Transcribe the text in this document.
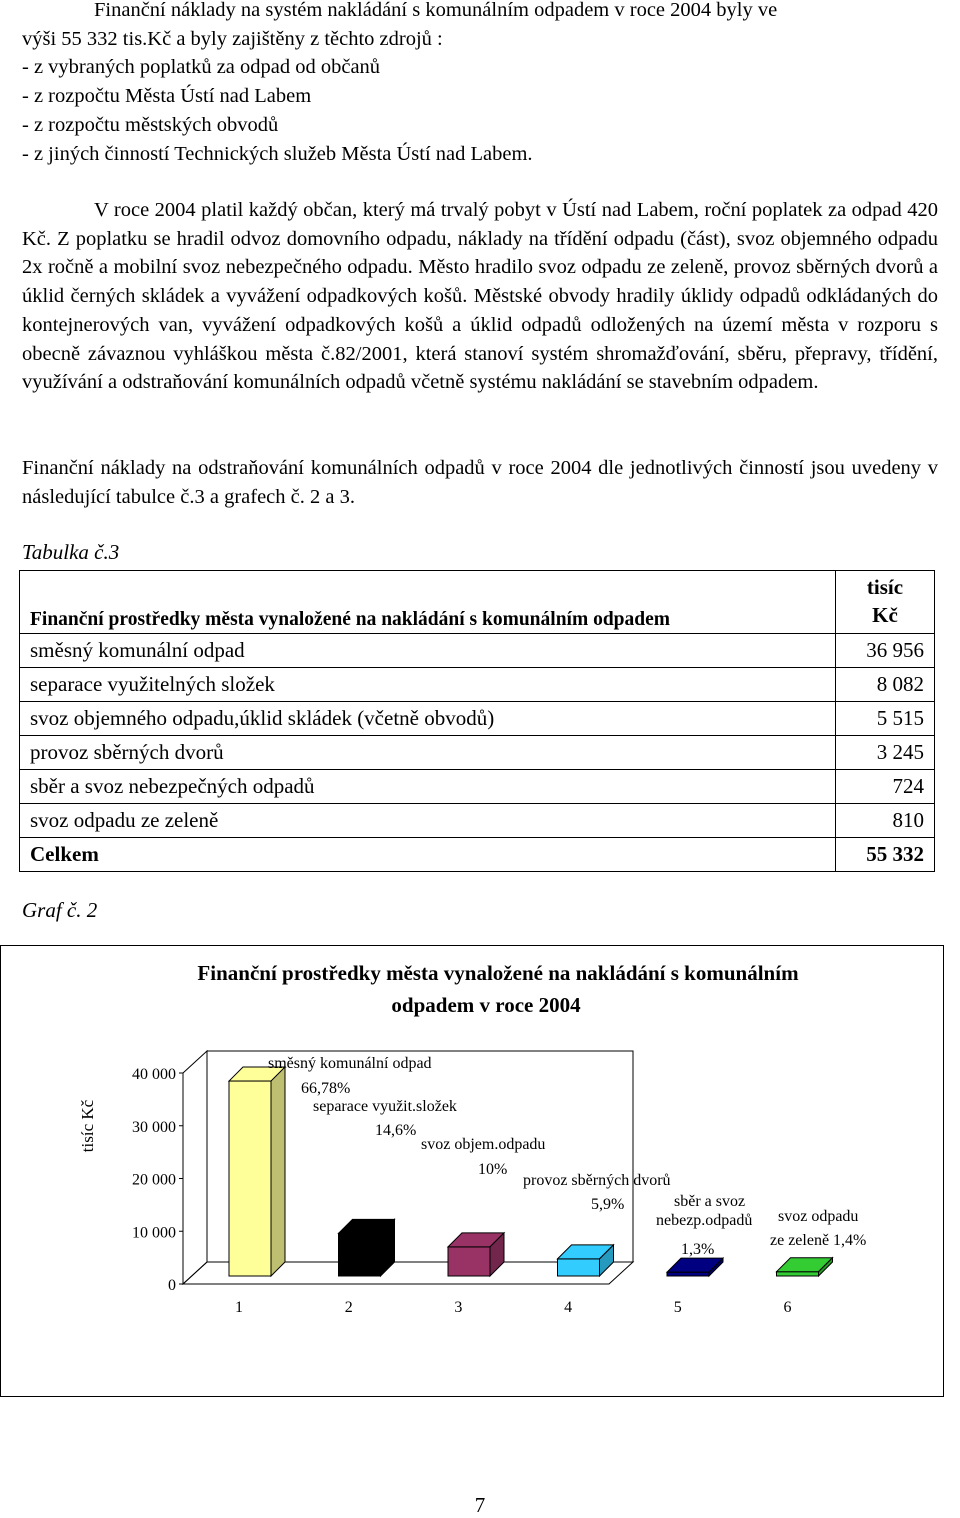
Finanční náklady na systém nakládání s komunálním odpadem v roce 2004 byly ve
výši 55 332 tis.Kč a byly zajištěny z těchto zdrojů :
- z vybraných poplatků za odpad od občanů
- z rozpočtu Města Ústí nad Labem
- z rozpočtu městských obvodů
- z jiných činností Technických služeb Města Ústí nad Labem.

V roce 2004 platil každý občan, který má trvalý pobyt v Ústí nad Labem, roční poplatek za odpad 420 Kč. Z poplatku se hradil odvoz domovního odpadu, náklady na třídění odpadu (část), svoz objemného odpadu 2x ročně a mobilní svoz nebezpečného odpadu. Město hradilo svoz odpadu ze zeleně, provoz sběrných dvorů a úklid černých skládek a vyvážení odpadkových košů. Městské obvody hradily úklidy odpadů odkládaných do kontejnerových van, vyvážení odpadkových košů a úklid odpadů odložených na území města v rozporu s obecně závaznou vyhláškou města č.82/2001, která stanoví systém shromažďování, sběru, přepravy, třídění, využívání a odstraňování komunálních odpadů včetně systému nakládání se stavebním odpadem.

Finanční náklady na odstraňování komunálních odpadů v roce 2004 dle jednotlivých činností jsou uvedeny v následující tabulce č.3 a grafech č. 2 a 3.

Tabulka č.3

Finanční prostředky města vynaložené na nakládání s komunálním odpadem	tisíc
Kč
směsný komunální odpad	36 956
separace využitelných složek	8 082
svoz objemného odpadu,úklid skládek (včetně obvodů)	5 515
provoz sběrných dvorů	3 245
sběr a svoz nebezpečných odpadů	724
svoz odpadu ze zeleně	810
Celkem	55 332

Graf č. 2

Finanční prostředky města vynaložené na nakládání s komunálním
odpadem v roce 2004
tisíc Kč
0
10 000
20 000
30 000
40 000
1	2	3	4	5	6
směsný komunální odpad
66,78%
separace využit.složek
14,6%
svoz objem.odpadu
10%
provoz sběrných dvorů
5,9%	sběr a svoz
nebezp.odpadů
1,3%
svoz odpadu
ze zeleně 1,4%

7
